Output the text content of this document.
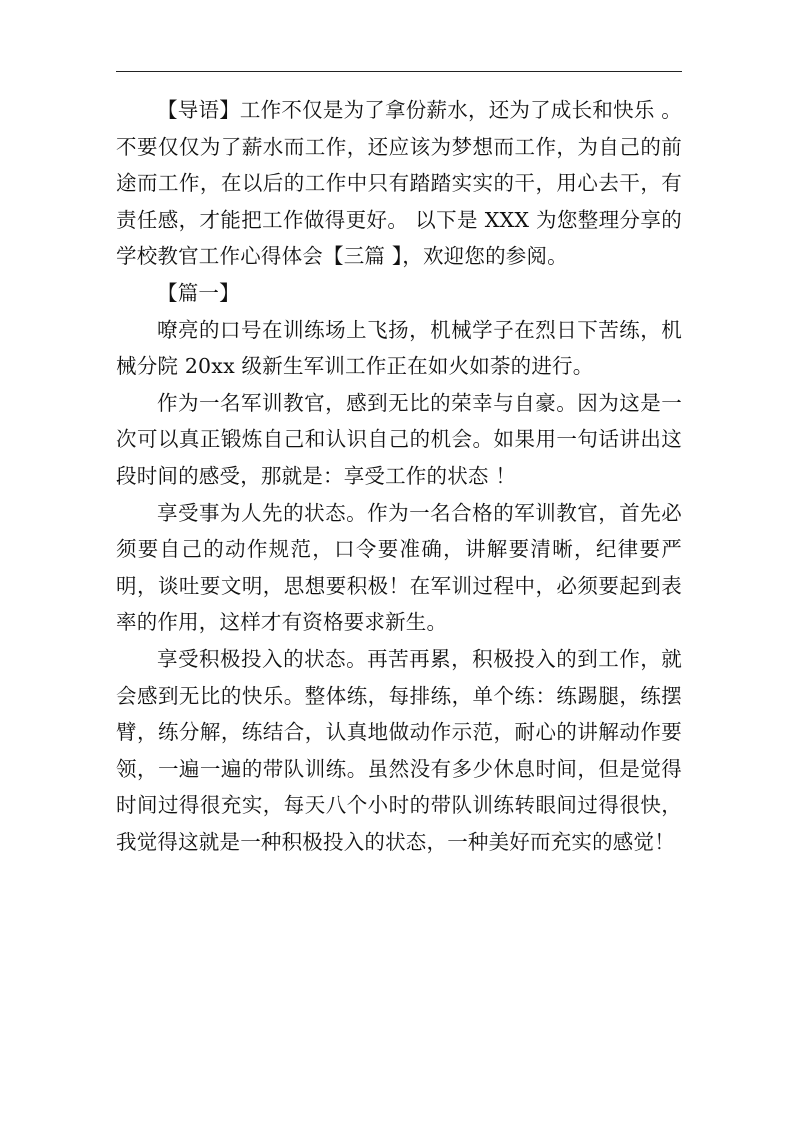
【导语】工作不仅是为了拿份薪水，还为了成长和快乐 。不要仅仅为了薪水而工作，还应该为梦想而工作，为自己的前途而工作，在以后的工作中只有踏踏实实的干，用心去干，有责任感，才能把工作做得更好。 以下是 XXX 为您整理分享的学校教官工作心得体会【三篇 】，欢迎您的参阅。

【篇一】

嘹亮的口号在训练场上飞扬，机械学子在烈日下苦练，机械分院 20xx 级新生军训工作正在如火如荼的进行。

作为一名军训教官，感到无比的荣幸与自豪。因为这是一次可以真正锻炼自己和认识自己的机会。如果用一句话讲出这段时间的感受，那就是：享受工作的状态 ！

享受事为人先的状态。作为一名合格的军训教官，首先必须要自己的动作规范，口令要准确，讲解要清晰，纪律要严明，谈吐要文明，思想要积极！在军训过程中，必须要起到表率的作用，这样才有资格要求新生。

享受积极投入的状态。再苦再累，积极投入的到工作，就会感到无比的快乐。整体练，每排练，单个练：练踢腿，练摆臂，练分解，练结合，认真地做动作示范，耐心的讲解动作要领，一遍一遍的带队训练。虽然没有多少休息时间，但是觉得时间过得很充实，每天八个小时的带队训练转眼间过得很快，我觉得这就是一种积极投入的状态，一种美好而充实的感觉！
